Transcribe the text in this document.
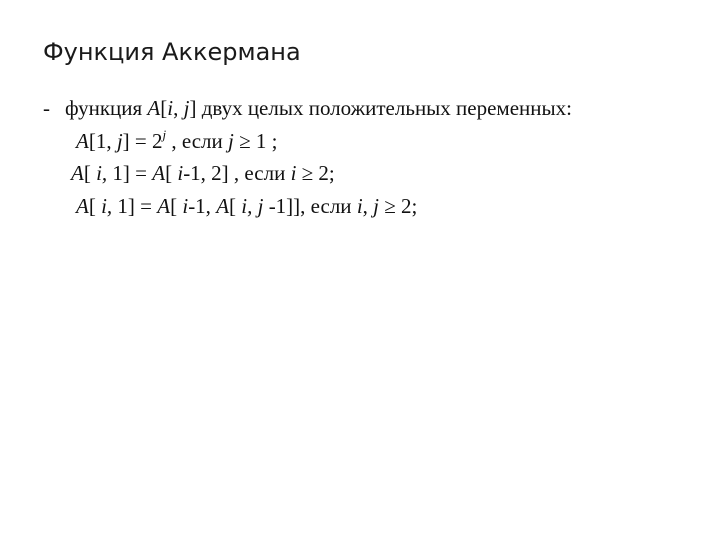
Функция Аккермана
- функция A[i, j] двух целых положительных переменных:
A[1, $j] = 2^j$ , если j ≥ 1 ;
A[ i, 1] = A[ i-1, 2] , если i ≥ 2;
A[ i, 1] = A[ i-1, A[ i, j -1]], если i, j ≥ 2;
